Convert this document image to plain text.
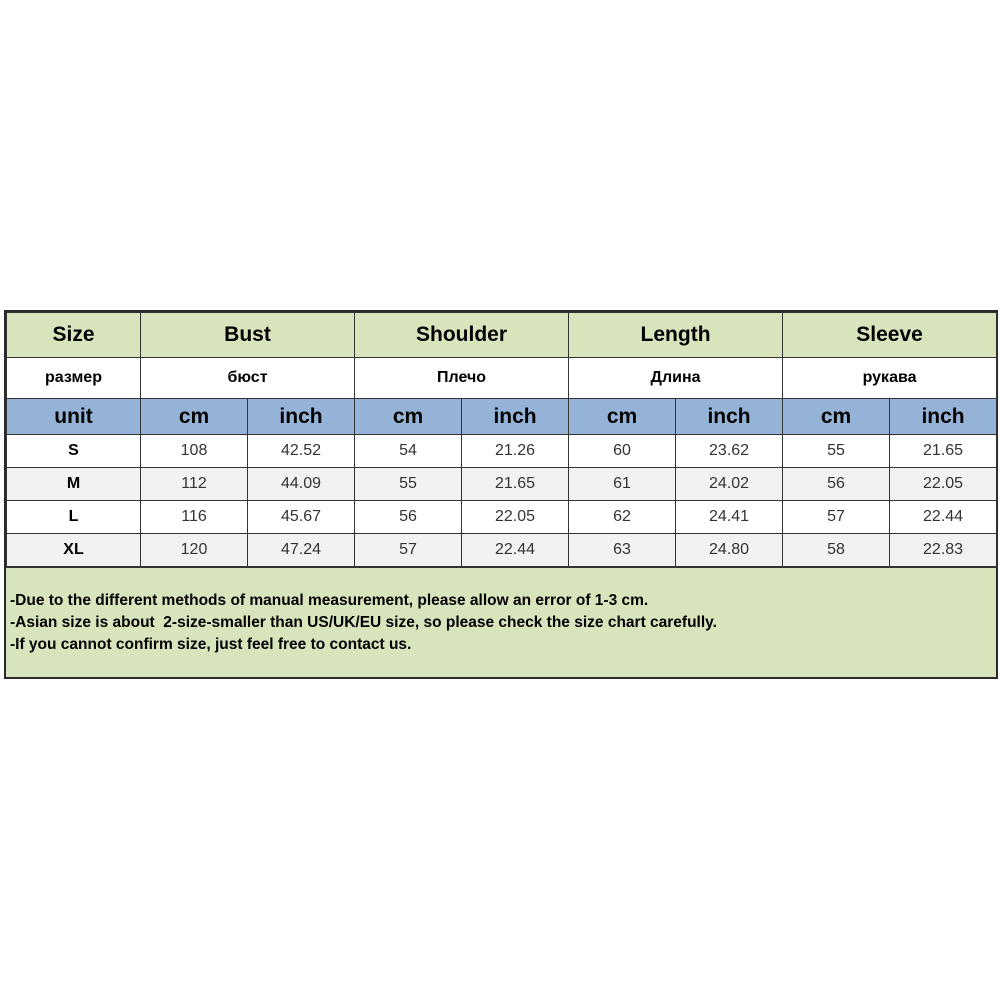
Size	Bust		Shoulder		Length		Sleeve	
размер	бюст		Плечо		Длина		рукава	
unit	cm	inch	cm	inch	cm	inch	cm	inch
S	108	42.52	54	21.26	60	23.62	55	21.65
M	112	44.09	55	21.65	61	24.02	56	22.05
L	116	45.67	56	22.05	62	24.41	57	22.44
XL	120	47.24	57	22.44	63	24.80	58	22.83
-Due to the different methods of manual measurement, please allow an error of 1-3 cm.
-Asian size is about  2-size-smaller than US/UK/EU size, so please check the size chart carefully.
-If you cannot confirm size, just feel free to contact us.
